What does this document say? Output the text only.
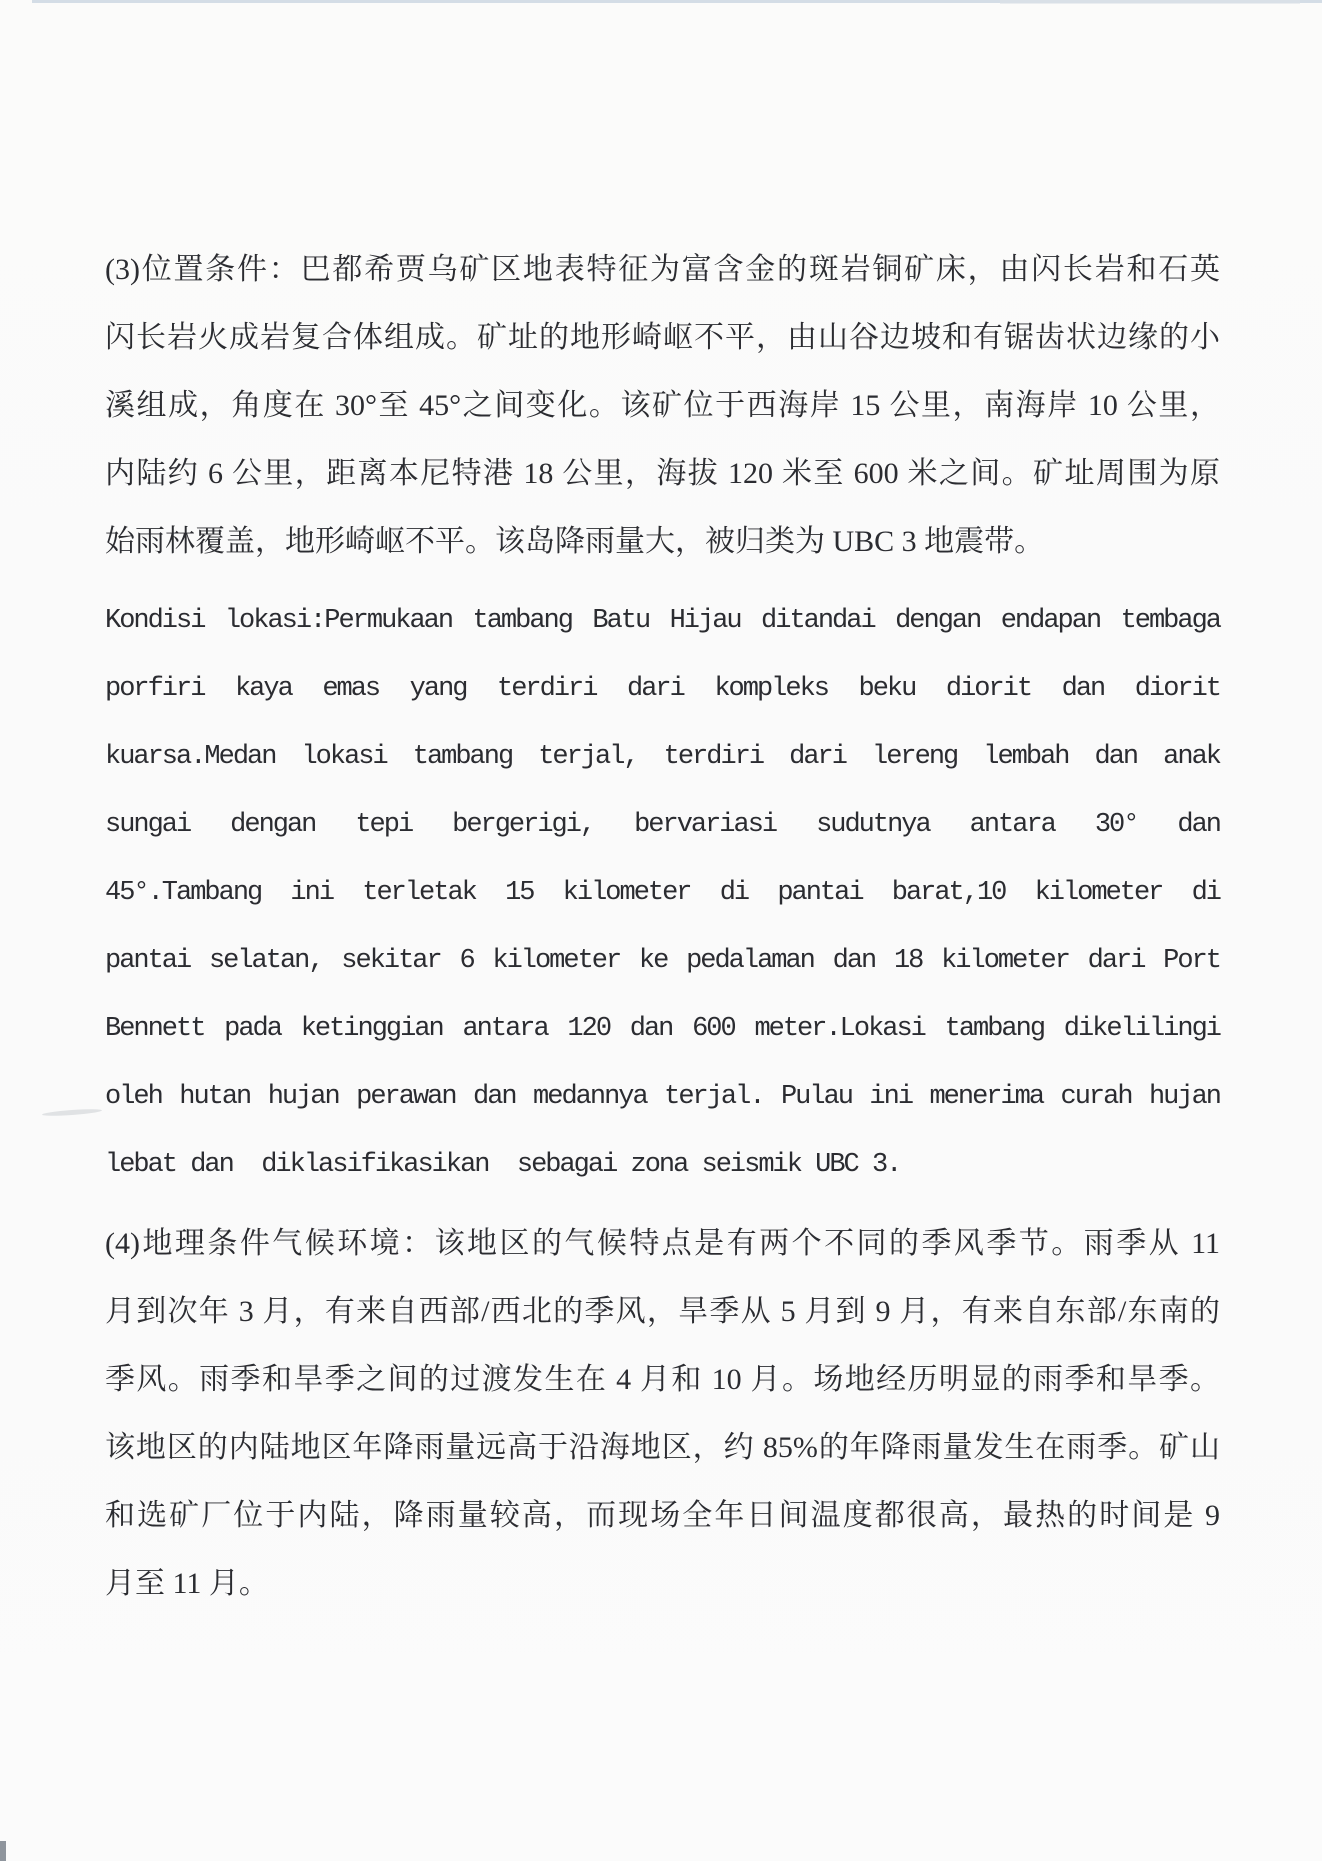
(3)位置条件：巴都希贾乌矿区地表特征为富含金的斑岩铜矿床，由闪长岩和石英
闪长岩火成岩复合体组成。矿址的地形崎岖不平，由山谷边坡和有锯齿状边缘的小
溪组成，角度在 30°至 45°之间变化。该矿位于西海岸 15 公里，南海岸 10 公里，
内陆约 6 公里，距离本尼特港 18 公里，海拔 120 米至 600 米之间。矿址周围为原
始雨林覆盖，地形崎岖不平。该岛降雨量大，被归类为 UBC 3 地震带。
Kondisi lokasi:Permukaan tambang Batu Hijau ditandai dengan endapan tembaga
porfiri kaya emas yang terdiri dari kompleks beku diorit dan diorit
kuarsa.Medan lokasi tambang terjal, terdiri dari lereng lembah dan anak
sungai dengan tepi bergerigi, bervariasi sudutnya antara 30° dan
45°.Tambang ini terletak 15 kilometer di pantai barat,10 kilometer di
pantai selatan, sekitar 6 kilometer ke pedalaman dan 18 kilometer dari Port
Bennett pada ketinggian antara 120 dan 600 meter.Lokasi tambang dikelilingi
oleh hutan hujan perawan dan medannya terjal. Pulau ini menerima curah hujan
lebat dan  diklasifikasikan  sebagai zona seismik UBC 3.
(4)地理条件气候环境：该地区的气候特点是有两个不同的季风季节。雨季从 11
月到次年 3 月，有来自西部/西北的季风，旱季从 5 月到 9 月，有来自东部/东南的
季风。雨季和旱季之间的过渡发生在 4 月和 10 月。场地经历明显的雨季和旱季。
该地区的内陆地区年降雨量远高于沿海地区，约 85%的年降雨量发生在雨季。矿山
和选矿厂位于内陆，降雨量较高，而现场全年日间温度都很高，最热的时间是 9
月至 11 月。
